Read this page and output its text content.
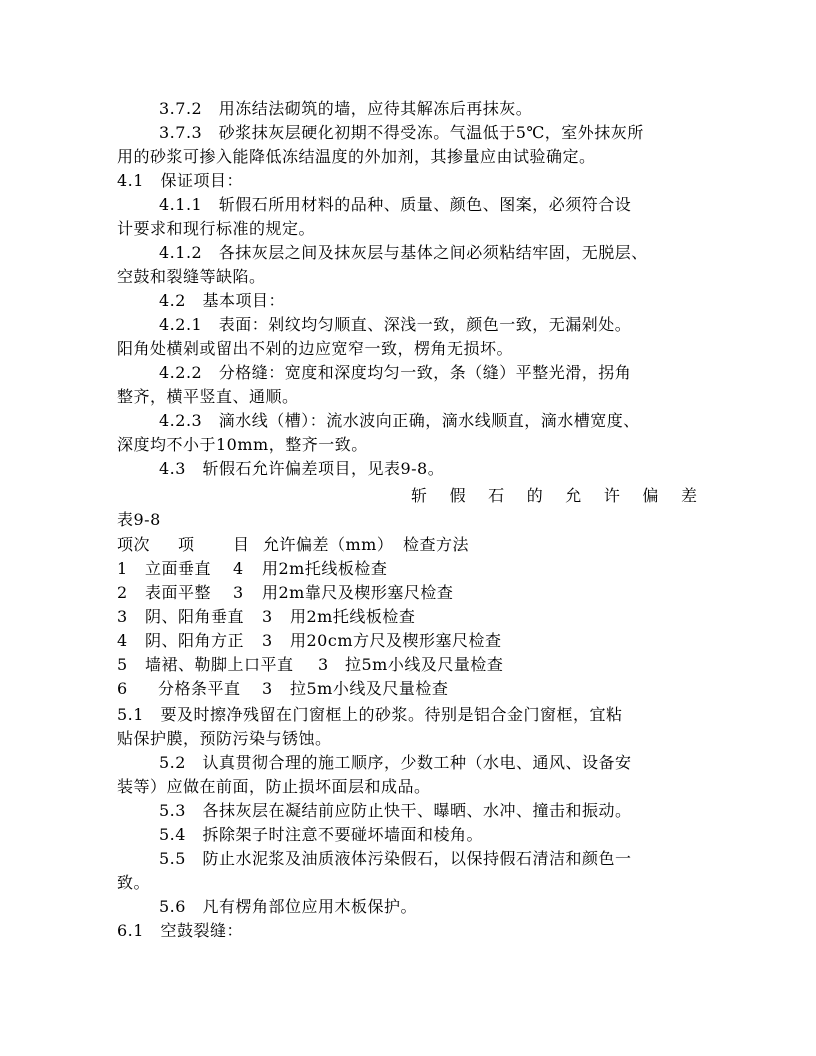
3.7.2　用冻结法砌筑的墙，应待其解冻后再抹灰。
3.7.3　砂浆抹灰层硬化初期不得受冻。气温低于5℃，室外抹灰所
用的砂浆可掺入能降低冻结温度的外加剂，其掺量应由试验确定。
4.1　保证项目：
4.1.1　斩假石所用材料的品种、质量、颜色、图案，必须符合设
计要求和现行标准的规定。
4.1.2　各抹灰层之间及抹灰层与基体之间必须粘结牢固，无脱层、
空鼓和裂缝等缺陷。
4.2　基本项目：
4.2.1　表面：剁纹均匀顺直、深浅一致，颜色一致，无漏剁处。
阳角处横剁或留出不剁的边应宽窄一致，楞角无损坏。
4.2.2　分格缝：宽度和深度均匀一致，条（缝）平整光滑，拐角
整齐，横平竖直、通顺。
4.2.3　滴水线（槽）：流水波向正确，滴水线顺直，滴水槽宽度、
深度均不小于10mm，整齐一致。
4.3　斩假石允许偏差项目，见表9-8。
斩 假 石 的 允 许 偏 差
表9-8
项次 项 目 允许偏差（mm） 检查方法
1 立面垂直 4 用2m托线板检查
2 表面平整 3 用2m靠尺及楔形塞尺检查
3 阴、阳角垂直 3 用2m托线板检查
4 阴、阳角方正 3 用20cm方尺及楔形塞尺检查
5 墙裙、勒脚上口平直 3 拉5m小线及尺量检查
6 分格条平直 3 拉5m小线及尺量检查
5.1　要及时擦净残留在门窗框上的砂浆。待别是铝合金门窗框，宜粘
贴保护膜，预防污染与锈蚀。
5.2　认真贯彻合理的施工顺序，少数工种（水电、通风、设备安
装等）应做在前面，防止损坏面层和成品。
5.3　各抹灰层在凝结前应防止快干、曝晒、水冲、撞击和振动。
5.4　拆除架子时注意不要碰坏墙面和棱角。
5.5　防止水泥浆及油质液体污染假石，以保持假石清洁和颜色一
致。
5.6　凡有楞角部位应用木板保护。
6.1　空鼓裂缝：
